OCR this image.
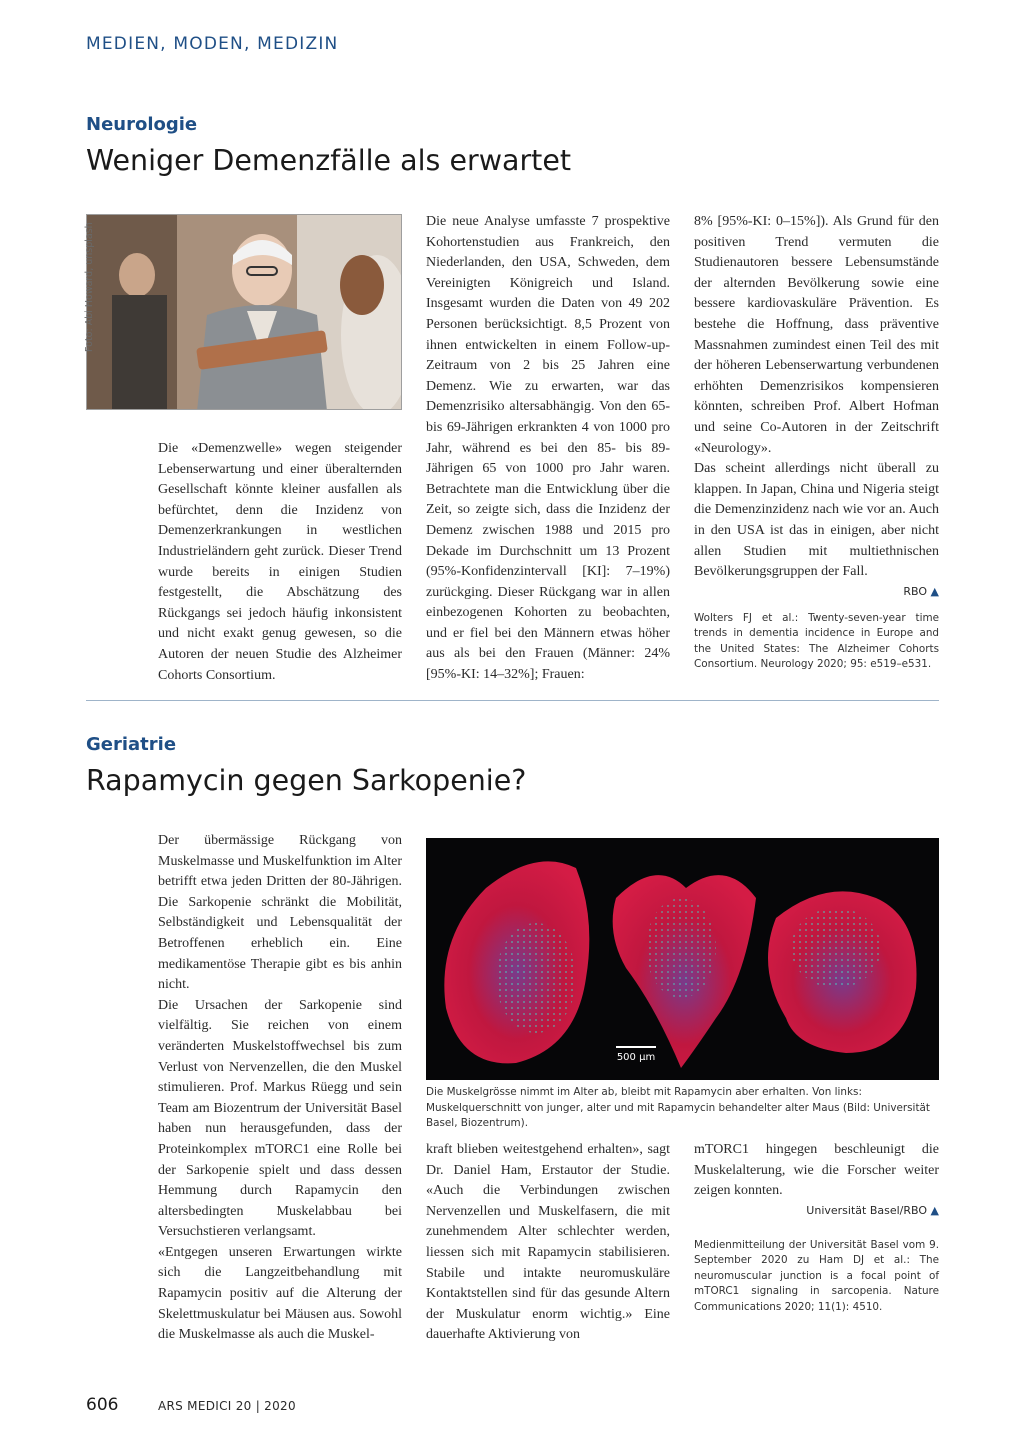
MEDIEN, MODEN, MEDIZIN
Neurologie
Weniger Demenzfälle als erwartet
Foto: Abi Howard, unsplash

Die «Demenzwelle» wegen steigender Lebenserwartung und einer überalternden Gesellschaft könnte kleiner ausfallen als befürchtet, denn die Inzidenz von Demenzerkrankungen in westlichen Industrieländern geht zurück. Dieser Trend wurde bereits in einigen Studien festgestellt, die Abschätzung des Rückgangs sei jedoch häufig inkonsistent und nicht exakt genug gewesen, so die Autoren der neuen Studie des Alzheimer Cohorts Consortium.

Die neue Analyse umfasste 7 prospektive Kohortenstudien aus Frankreich, den Niederlanden, den USA, Schweden, dem Vereinigten Königreich und Island. Insgesamt wurden die Daten von 49 202 Personen berücksichtigt. 8,5 Prozent von ihnen entwickelten in einem Follow-up-Zeitraum von 2 bis 25 Jahren eine Demenz. Wie zu erwarten, war das Demenzrisiko altersabhängig. Von den 65- bis 69-Jährigen erkrankten 4 von 1000 pro Jahr, während es bei den 85- bis 89-Jährigen 65 von 1000 pro Jahr waren. Betrachtete man die Entwicklung über die Zeit, so zeigte sich, dass die Inzidenz der Demenz zwischen 1988 und 2015 pro Dekade im Durchschnitt um 13 Prozent (95%-Konfidenzintervall [KI]: 7–19%) zurückging. Dieser Rückgang war in allen einbezogenen Kohorten zu beobachten, und er fiel bei den Männern etwas höher aus als bei den Frauen (Männer: 24% [95%-KI: 14–32%]; Frauen:

8% [95%-KI: 0–15%]). Als Grund für den positiven Trend vermuten die Studienautoren bessere Lebensumstände der alternden Bevölkerung sowie eine bessere kardiovaskuläre Prävention. Es bestehe die Hoffnung, dass präventive Massnahmen zumindest einen Teil des mit der höheren Lebenserwartung verbundenen erhöhten Demenzrisikos kompensieren könnten, schreiben Prof. Albert Hofman und seine Co-Autoren in der Zeitschrift «Neurology».

Das scheint allerdings nicht überall zu klappen. In Japan, China und Nigeria steigt die Demenzinzidenz nach wie vor an. Auch in den USA ist das in einigen, aber nicht allen Studien mit multiethnischen Bevölkerungsgruppen der Fall.

RBO ▲
Wolters FJ et al.: Twenty-seven-year time trends in dementia incidence in Europe and the United States: The Alzheimer Cohorts Consortium. Neurology 2020; 95: e519–e531.
Geriatrie
Rapamycin gegen Sarkopenie?

Der übermässige Rückgang von Muskelmasse und Muskelfunktion im Alter betrifft etwa jeden Dritten der 80-Jährigen. Die Sarkopenie schränkt die Mobilität, Selbständigkeit und Lebensqualität der Betroffenen erheblich ein. Eine medikamentöse Therapie gibt es bis anhin nicht.

Die Ursachen der Sarkopenie sind vielfältig. Sie reichen von einem veränderten Muskelstoffwechsel bis zum Verlust von Nervenzellen, die den Muskel stimulieren. Prof. Markus Rüegg und sein Team am Biozentrum der Universität Basel haben nun herausgefunden, dass der Proteinkomplex mTORC1 eine Rolle bei der Sarkopenie spielt und dass dessen Hemmung durch Rapamycin den altersbedingten Muskelabbau bei Versuchstieren verlangsamt.

«Entgegen unseren Erwartungen wirkte sich die Langzeitbehandlung mit Rapamycin positiv auf die Alterung der Skelettmuskulatur bei Mäusen aus. Sowohl die Muskelmasse als auch die Muskel-

500 µm
Die Muskelgrösse nimmt im Alter ab, bleibt mit Rapamycin aber erhalten. Von links: Muskelquerschnitt von junger, alter und mit Rapamycin behandelter alter Maus (Bild: Universität Basel, Biozentrum).

kraft blieben weitestgehend erhalten», sagt Dr. Daniel Ham, Erstautor der Studie. «Auch die Verbindungen zwischen Nervenzellen und Muskelfasern, die mit zunehmendem Alter schlechter werden, liessen sich mit Rapamycin stabilisieren. Stabile und intakte neuromuskuläre Kontaktstellen sind für das gesunde Altern der Muskulatur enorm wichtig.» Eine dauerhafte Aktivierung von

mTORC1 hingegen beschleunigt die Muskelalterung, wie die Forscher weiter zeigen konnten.

Universität Basel/RBO ▲
Medienmitteilung der Universität Basel vom 9. September 2020 zu Ham DJ et al.: The neuromuscular junction is a focal point of mTORC1 signaling in sarcopenia. Nature Communications 2020; 11(1): 4510.
606	ARS MEDICI 20 | 2020
